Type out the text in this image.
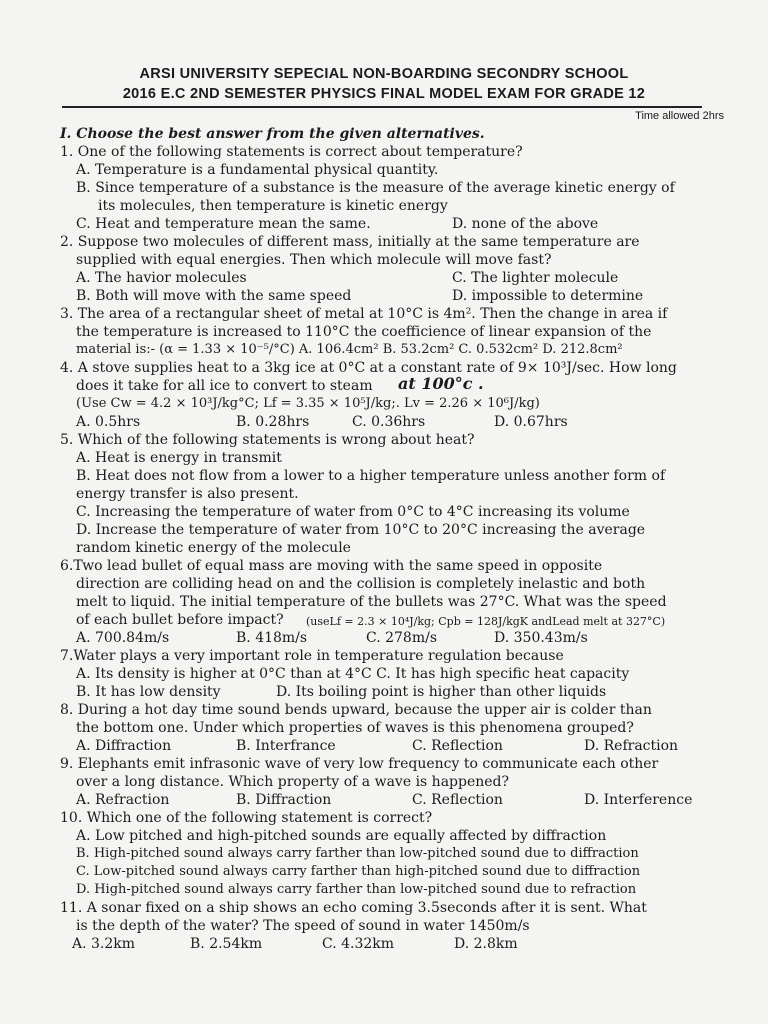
ARSI UNIVERSITY SEPECIAL NON-BOARDING SECONDRY SCHOOL
2016 E.C 2ND SEMESTER PHYSICS FINAL MODEL EXAM FOR GRADE 12
Time allowed 2hrs
I. Choose the best answer from the given alternatives.
1. One of the following statements is correct about temperature?
A. Temperature is a fundamental physical quantity.
B. Since temperature of a substance is the measure of the average kinetic energy of
its molecules, then temperature is kinetic energy
C. Heat and temperature mean the same.	D. none of the above
2. Suppose two molecules of different mass, initially at the same temperature are
supplied with equal energies. Then which molecule will move fast?
A. The havior molecules	C. The lighter molecule
B. Both will move with the same speed	D. impossible to determine
3. The area of a rectangular sheet of metal at 10°C is 4m². Then the change in area if
the temperature is increased to 110°C the coefficience of linear expansion of the
material is:- (α = 1.33 × 10⁻⁵/°C) A. 106.4cm² B. 53.2cm² C. 0.532cm² D. 212.8cm²
4. A stove supplies heat to a 3kg ice at 0°C at a constant rate of 9× 10³J/sec. How long
does it take for all ice to convert to steam at 100°c .
(Use Cw = 4.2 × 10³J/kg°C; Lf = 3.35 × 10⁵J/kg;. Lv = 2.26 × 10⁶J/kg)
A. 0.5hrs	B. 0.28hrs	C. 0.36hrs	D. 0.67hrs
5. Which of the following statements is wrong about heat?
A. Heat is energy in transmit
B. Heat does not flow from a lower to a higher temperature unless another form of
energy transfer is also present.
C. Increasing the temperature of water from 0°C to 4°C increasing its volume
D. Increase the temperature of water from 10°C to 20°C increasing the average
random kinetic energy of the molecule
6.Two lead bullet of equal mass are moving with the same speed in opposite
direction are colliding head on and the collision is completely inelastic and both
melt to liquid. The initial temperature of the bullets was 27°C. What was the speed
of each bullet before impact? (useLf = 2.3 × 10⁴J/kg; Cpb = 128J/kgK andLead melt at 327°C)
A. 700.84m/s	B. 418m/s	C. 278m/s	D. 350.43m/s
7.Water plays a very important role in temperature regulation because
A. Its density is higher at 0°C than at 4°C C. It has high specific heat capacity
B. It has low density	D. Its boiling point is higher than other liquids
8. During a hot day time sound bends upward, because the upper air is colder than
the bottom one. Under which properties of waves is this phenomena grouped?
A. Diffraction	B. Interfrance	C. Reflection	D. Refraction
9. Elephants emit infrasonic wave of very low frequency to communicate each other
over a long distance. Which property of a wave is happened?
A. Refraction	B. Diffraction	C. Reflection	D. Interference
10. Which one of the following statement is correct?
A. Low pitched and high-pitched sounds are equally affected by diffraction
B. High-pitched sound always carry farther than low-pitched sound due to diffraction
C. Low-pitched sound always carry farther than high-pitched sound due to diffraction
D. High-pitched sound always carry farther than low-pitched sound due to refraction
11. A sonar fixed on a ship shows an echo coming 3.5seconds after it is sent. What
is the depth of the water? The speed of sound in water 1450m/s
A. 3.2km	B. 2.54km	C. 4.32km	D. 2.8km
